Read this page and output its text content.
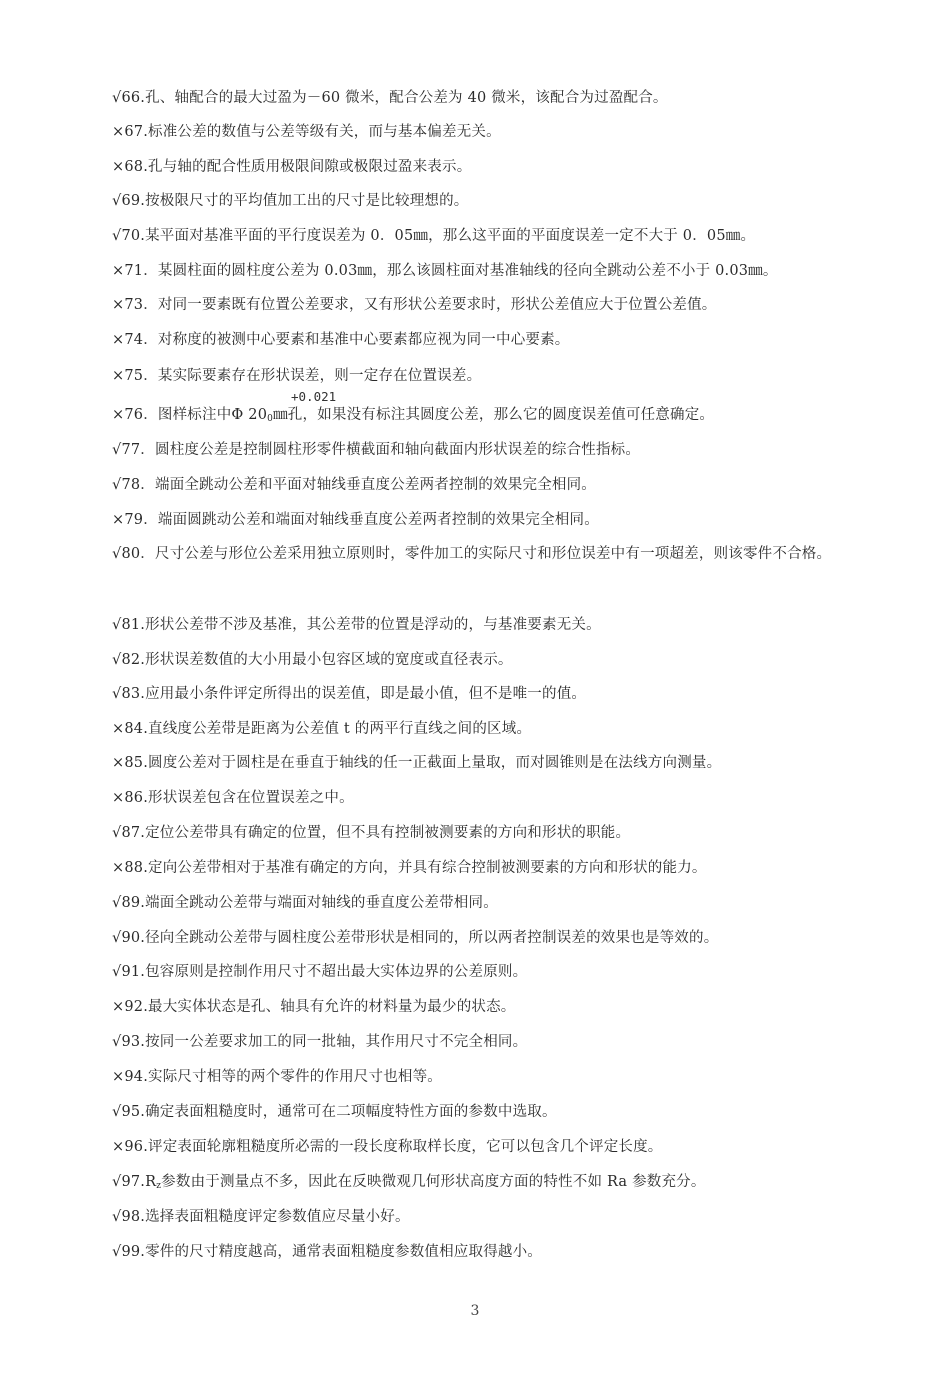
√66.孔、轴配合的最大过盈为－60 微米，配合公差为 40 微米，该配合为过盈配合。
×67.标准公差的数值与公差等级有关，而与基本偏差无关。
×68.孔与轴的配合性质用极限间隙或极限过盈来表示。
√69.按极限尺寸的平均值加工出的尺寸是比较理想的。
√70.某平面对基准平面的平行度误差为 0．05㎜，那么这平面的平面度误差一定不大于 0．05㎜。
×71．某圆柱面的圆柱度公差为 0.03㎜，那么该圆柱面对基准轴线的径向全跳动公差不小于 0.03㎜。
×73．对同一要素既有位置公差要求，又有形状公差要求时，形状公差值应大于位置公差值。
×74．对称度的被测中心要素和基准中心要素都应视为同一中心要素。
×75．某实际要素存在形状误差，则一定存在位置误差。
+0.021
×76．图样标注中Φ $20_0㎜$孔，如果没有标注其圆度公差，那么它的圆度误差值可任意确定。
√77．圆柱度公差是控制圆柱形零件横截面和轴向截面内形状误差的综合性指标。
√78．端面全跳动公差和平面对轴线垂直度公差两者控制的效果完全相同。
×79．端面圆跳动公差和端面对轴线垂直度公差两者控制的效果完全相同。
√80．尺寸公差与形位公差采用独立原则时，零件加工的实际尺寸和形位误差中有一项超差，则该零件不合格。
√81.形状公差带不涉及基准，其公差带的位置是浮动的，与基准要素无关。
√82.形状误差数值的大小用最小包容区域的宽度或直径表示。
√83.应用最小条件评定所得出的误差值，即是最小值，但不是唯一的值。
×84.直线度公差带是距离为公差值 t 的两平行直线之间的区域。
×85.圆度公差对于圆柱是在垂直于轴线的任一正截面上量取，而对圆锥则是在法线方向测量。
×86.形状误差包含在位置误差之中。
√87.定位公差带具有确定的位置，但不具有控制被测要素的方向和形状的职能。
×88.定向公差带相对于基准有确定的方向，并具有综合控制被测要素的方向和形状的能力。
√89.端面全跳动公差带与端面对轴线的垂直度公差带相同。
√90.径向全跳动公差带与圆柱度公差带形状是相同的，所以两者控制误差的效果也是等效的。
√91.包容原则是控制作用尺寸不超出最大实体边界的公差原则。
×92.最大实体状态是孔、轴具有允许的材料量为最少的状态。
√93.按同一公差要求加工的同一批轴，其作用尺寸不完全相同。
×94.实际尺寸相等的两个零件的作用尺寸也相等。
√95.确定表面粗糙度时，通常可在二项幅度特性方面的参数中选取。
×96.评定表面轮廓粗糙度所必需的一段长度称取样长度，它可以包含几个评定长度。
$√97.R_z$参数由于测量点不多，因此在反映微观几何形状高度方面的特性不如 Ra 参数充分。
√98.选择表面粗糙度评定参数值应尽量小好。
√99.零件的尺寸精度越高，通常表面粗糙度参数值相应取得越小。
3
